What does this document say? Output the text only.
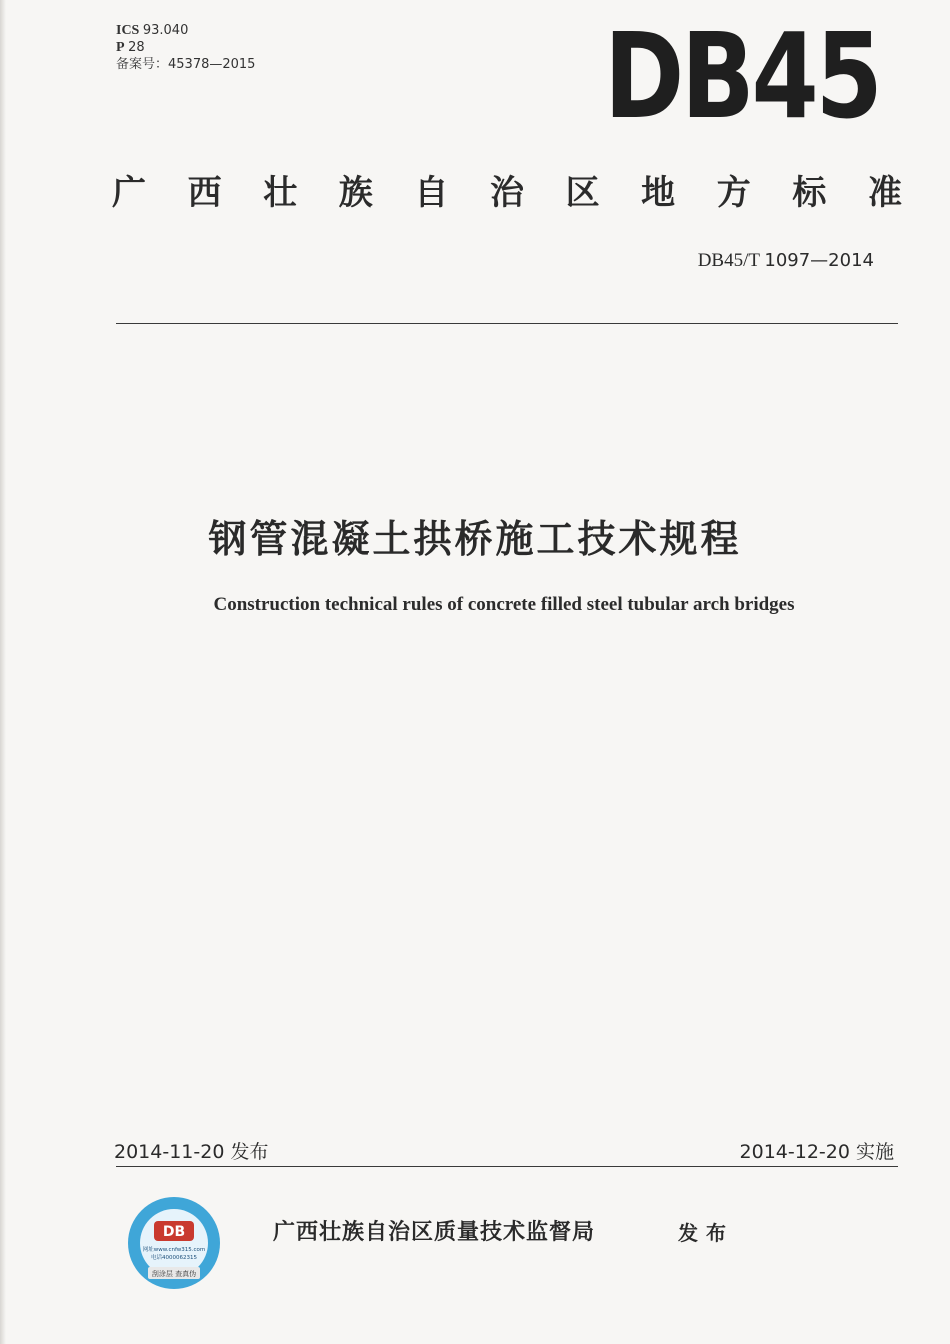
ICS 93.040
P 28
备案号：45378—2015	DB45
广 西 壮 族 自 治 区 地 方 标 准
DB45/T 1097—2014
钢管混凝土拱桥施工技术规程
Construction technical rules of concrete filled steel tubular arch bridges
2014-11-20 发布	2014-12-20 实施
DB
网址www.cnfw315.com
电话4000062315
刮涂层 查真伪
广西壮族自治区质量技术监督局	发布
